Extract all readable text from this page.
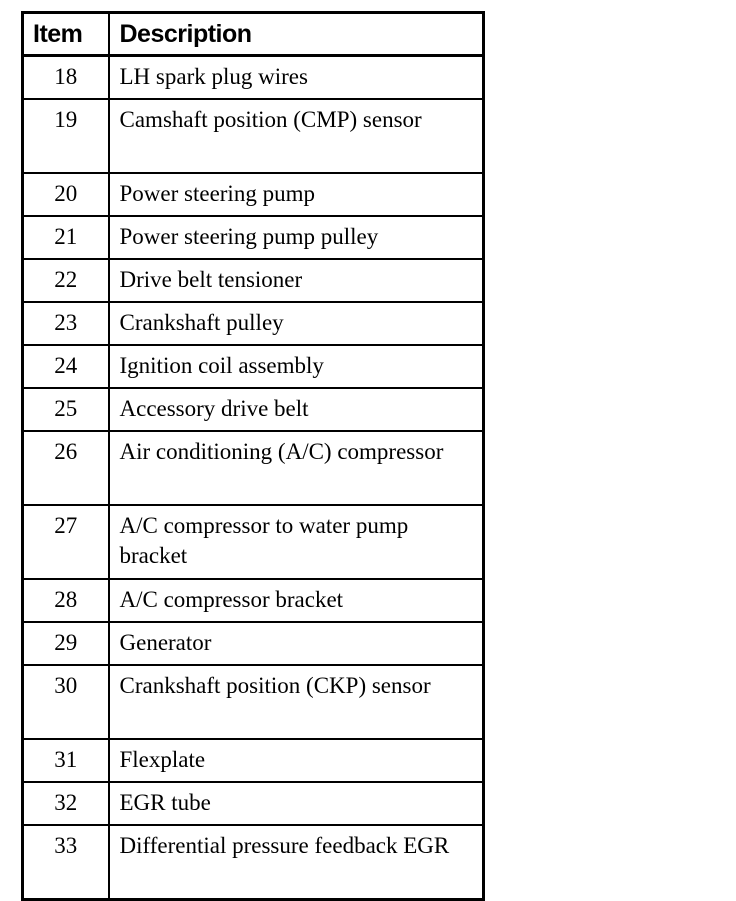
Item	Description
18	LH spark plug wires
19	Camshaft position (CMP) sensor
20	Power steering pump
21	Power steering pump pulley
22	Drive belt tensioner
23	Crankshaft pulley
24	Ignition coil assembly
25	Accessory drive belt
26	Air conditioning (A/C) compressor
27	A/C compressor to water pump bracket
28	A/C compressor bracket
29	Generator
30	Crankshaft position (CKP) sensor
31	Flexplate
32	EGR tube
33	Differential pressure feedback EGR
